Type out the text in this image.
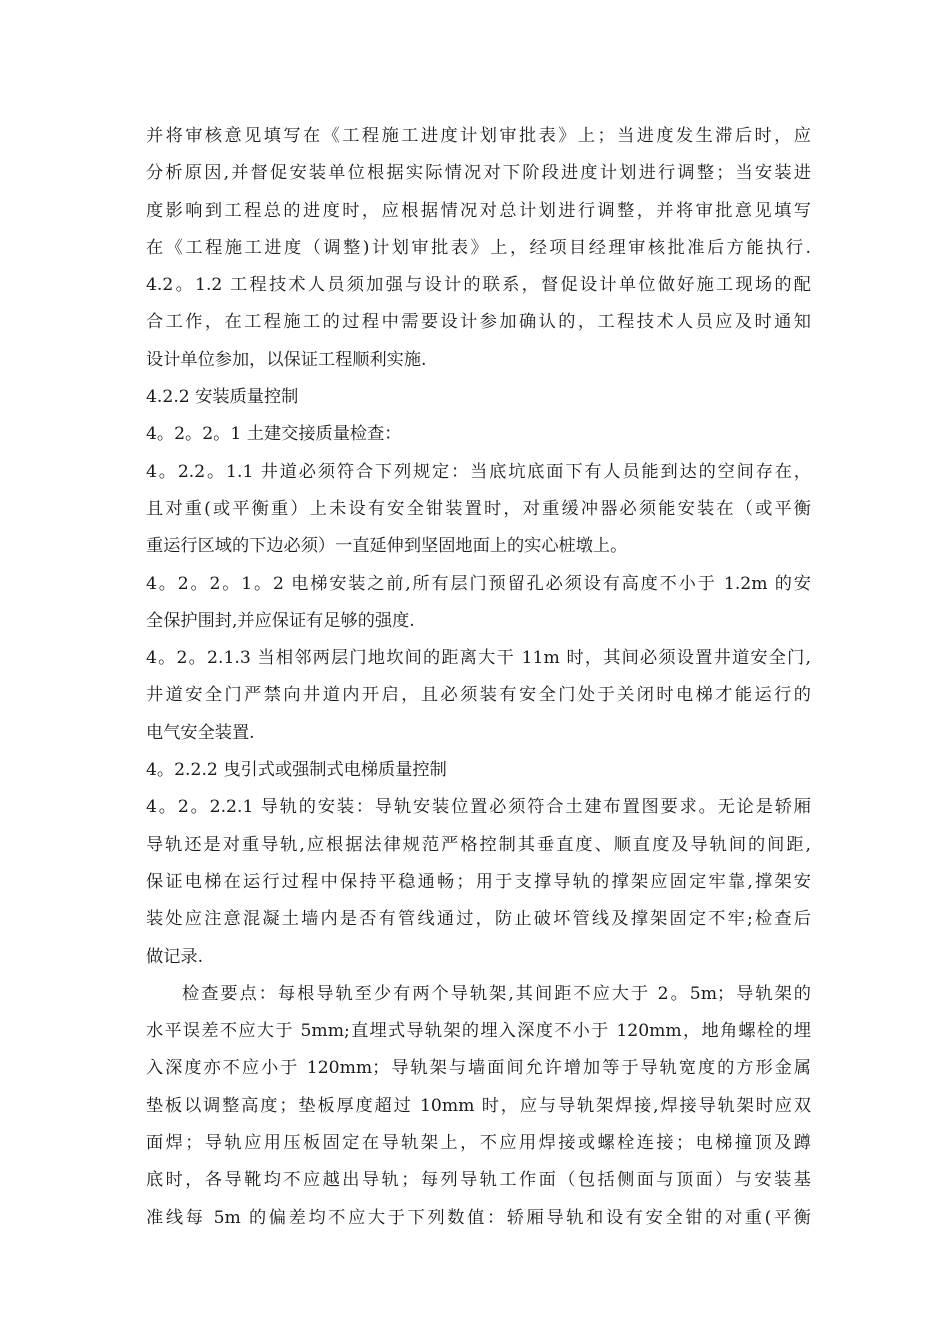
并将审核意见填写在《工程施工进度计划审批表》上；当进度发生滞后时，应
分析原因,并督促安装单位根据实际情况对下阶段进度计划进行调整；当安装进
度影响到工程总的进度时，应根据情况对总计划进行调整，并将审批意见填写
在《工程施工进度（调整)计划审批表》上，经项目经理审核批准后方能执行.
4.2。1.2 工程技术人员须加强与设计的联系，督促设计单位做好施工现场的配
合工作，在工程施工的过程中需要设计参加确认的，工程技术人员应及时通知
设计单位参加，以保证工程顺利实施.
4.2.2 安装质量控制
4。2。2。1 土建交接质量检查：
4。2.2。1.1 井道必须符合下列规定：当底坑底面下有人员能到达的空间存在，
且对重(或平衡重）上未设有安全钳装置时，对重缓冲器必须能安装在（或平衡
重运行区域的下边必须）一直延伸到坚固地面上的实心桩墩上。
4。2。2。1。2 电梯安装之前,所有层门预留孔必须设有高度不小于 1.2m 的安
全保护围封,并应保证有足够的强度.
4。2。2.1.3 当相邻两层门地坎间的距离大干 11m 时，其间必须设置井道安全门,
井道安全门严禁向井道内开启，且必须装有安全门处于关闭时电梯才能运行的
电气安全装置.
4。2.2.2 曳引式或强制式电梯质量控制
4。2。2.2.1 导轨的安装：导轨安装位置必须符合土建布置图要求。无论是轿厢
导轨还是对重导轨,应根据法律规范严格控制其垂直度、顺直度及导轨间的间距,
保证电梯在运行过程中保持平稳通畅；用于支撑导轨的撑架应固定牢靠,撑架安
装处应注意混凝土墙内是否有管线通过，防止破坏管线及撑架固定不牢;检查后
做记录.
检查要点：每根导轨至少有两个导轨架,其间距不应大于 2。5m；导轨架的
水平误差不应大于 5mm;直埋式导轨架的埋入深度不小于 120mm，地角螺栓的埋
入深度亦不应小于 120mm；导轨架与墙面间允许增加等于导轨宽度的方形金属
垫板以调整高度；垫板厚度超过 10mm 时，应与导轨架焊接,焊接导轨架时应双
面焊；导轨应用压板固定在导轨架上，不应用焊接或螺栓连接；电梯撞顶及蹲
底时，各导靴均不应越出导轨；每列导轨工作面（包括侧面与顶面）与安装基
准线每 5m 的偏差均不应大于下列数值：轿厢导轨和设有安全钳的对重(平衡
